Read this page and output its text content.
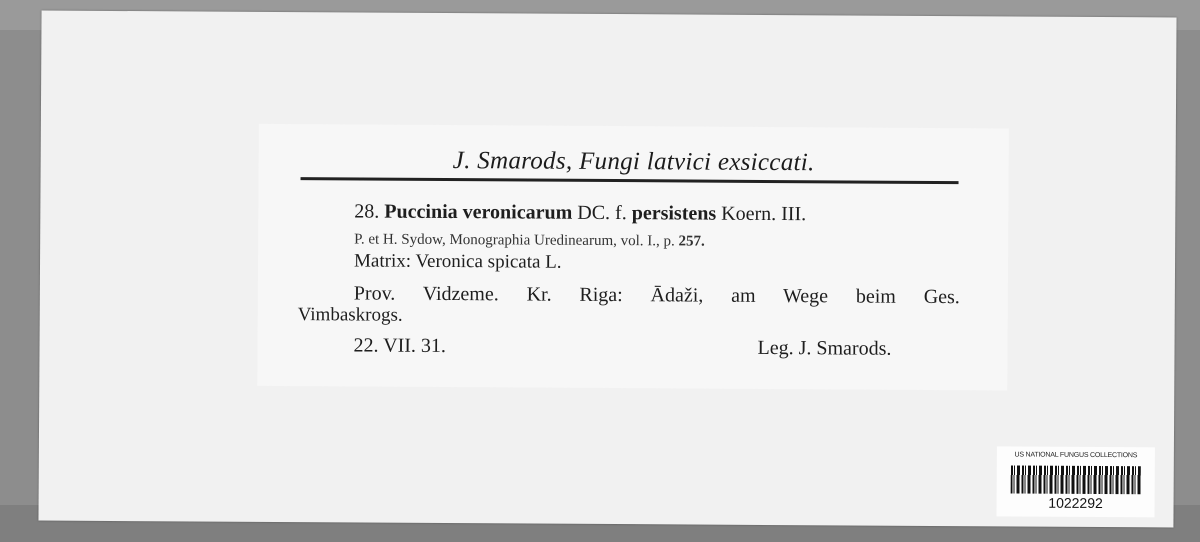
J. Smarods, Fungi latvici exsiccati.
28. Puccinia veronicarum DC. f. persistens Koern. III.
P. et H. Sydow, Monographia Uredinearum, vol. I., p. 257.
Matrix: Veronica spicata L.
Prov. Vidzeme. Kr. Riga: Ādaži, am Wege beim Ges.
Vimbaskrogs.
22. VII. 31.	Leg. J. Smarods.
US NATIONAL FUNGUS COLLECTIONS
1022292
